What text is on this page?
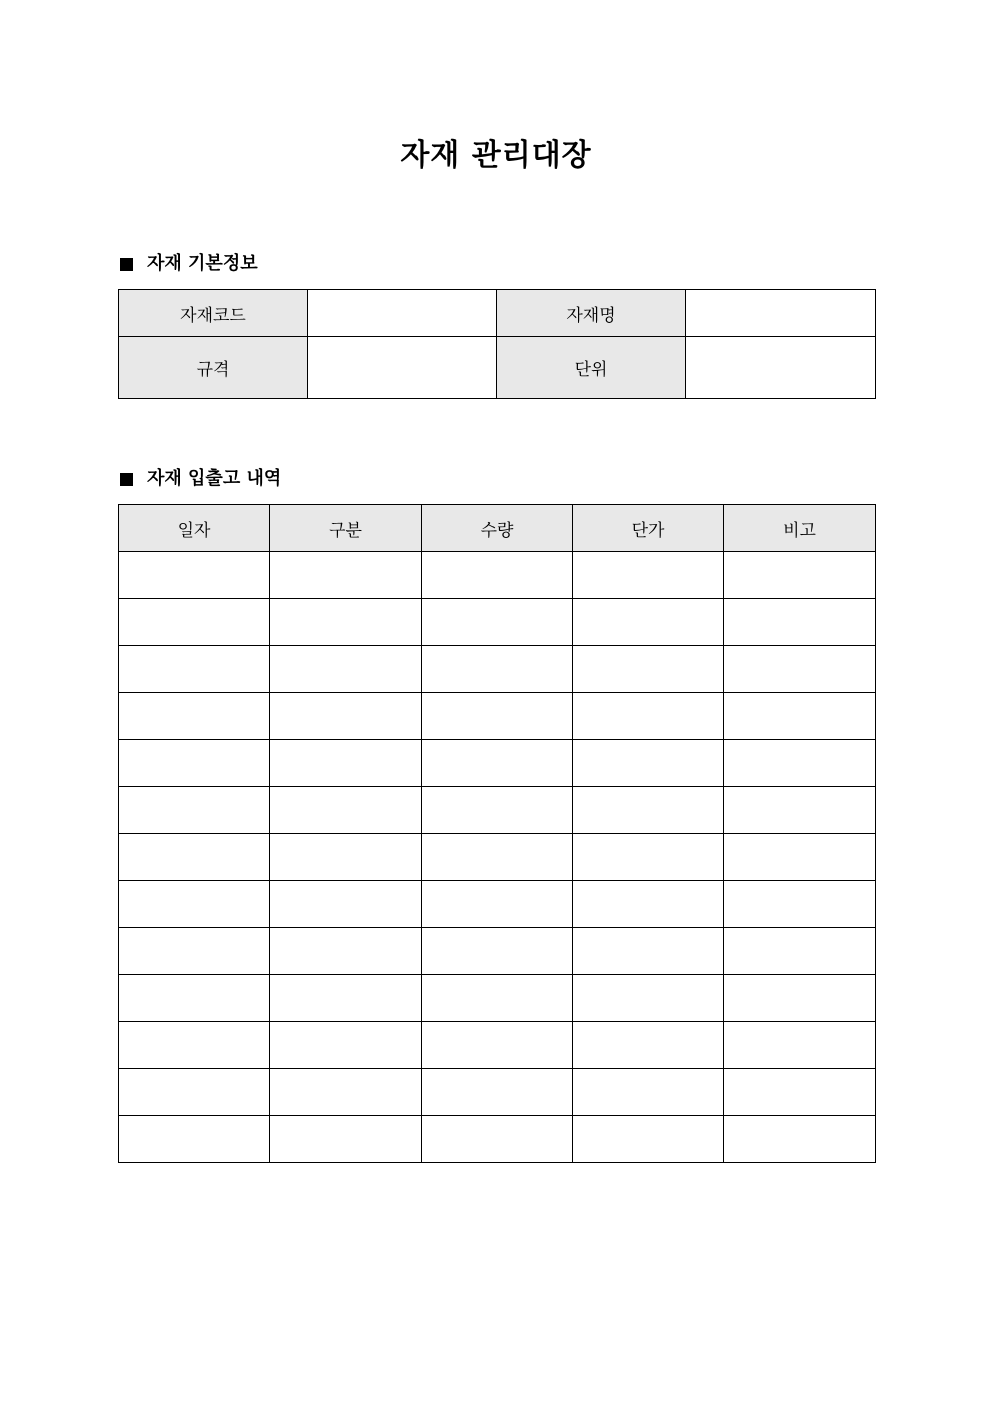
자재 관리대장
자재 기본정보
자재코드		자재명	
규격		단위	
자재 입출고 내역
일자	구분	수량	단가	비고
